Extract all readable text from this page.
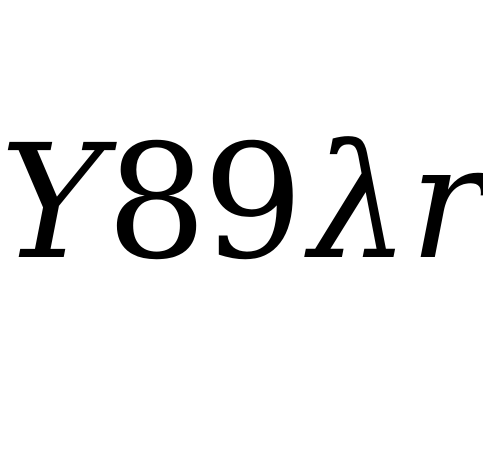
Y 8
9 λ r
